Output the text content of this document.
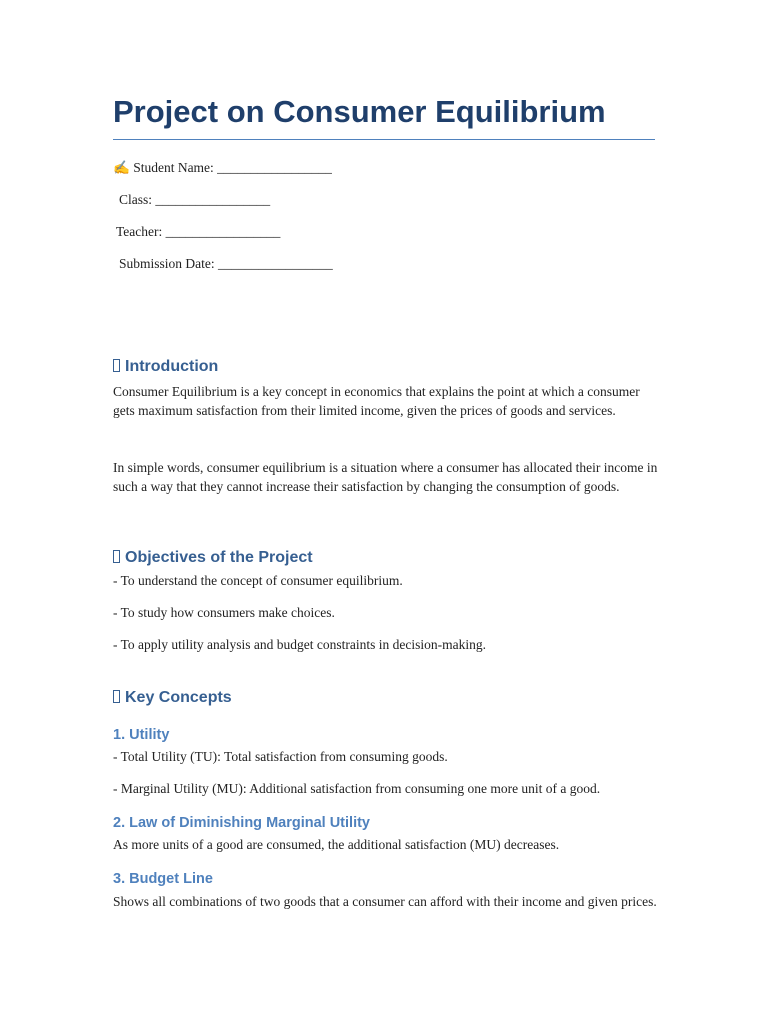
Project on Consumer Equilibrium
✍ Student Name: _________________
Class: _________________
Teacher: _________________
Submission Date: _________________
Introduction

Consumer Equilibrium is a key concept in economics that explains the point at which a consumer gets maximum satisfaction from their limited income, given the prices of goods and services.

In simple words, consumer equilibrium is a situation where a consumer has allocated their income in such a way that they cannot increase their satisfaction by changing the consumption of goods.

Objectives of the Project

- To understand the concept of consumer equilibrium.

- To study how consumers make choices.

- To apply utility analysis and budget constraints in decision-making.

Key Concepts
1. Utility

- Total Utility (TU): Total satisfaction from consuming goods.

- Marginal Utility (MU): Additional satisfaction from consuming one more unit of a good.

2. Law of Diminishing Marginal Utility

As more units of a good are consumed, the additional satisfaction (MU) decreases.

3. Budget Line

Shows all combinations of two goods that a consumer can afford with their income and given prices.
